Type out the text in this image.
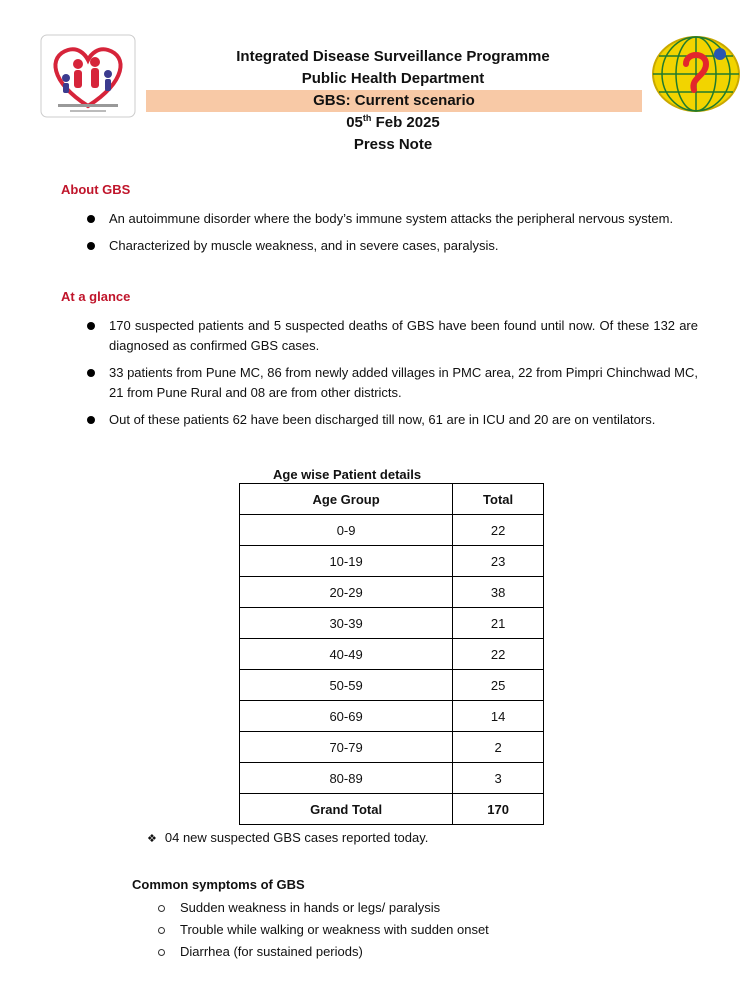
Integrated Disease Surveillance Programme
Public Health Department
GBS: Current scenario
05th Feb 2025
Press Note
About GBS
An autoimmune disorder where the body’s immune system attacks the peripheral nervous system.
Characterized by muscle weakness, and in severe cases, paralysis.
At a glance
170 suspected patients and 5 suspected deaths of GBS have been found until now. Of these 132 are diagnosed as confirmed GBS cases.
33 patients from Pune MC, 86 from newly added villages in PMC area, 22 from Pimpri Chinchwad MC, 21 from Pune Rural and 08 are from other districts.
Out of these patients 62 have been discharged till now, 61 are in ICU and 20 are on ventilators.
Age wise Patient details
Age Group	Total
0-9	22
10-19	23
20-29	38
30-39	21
40-49	22
50-59	25
60-69	14
70-79	2
80-89	3
Grand Total	170
❖ 04 new suspected GBS cases reported today.
Common symptoms of GBS
Sudden weakness in hands or legs/ paralysis
Trouble while walking or weakness with sudden onset
Diarrhea (for sustained periods)
